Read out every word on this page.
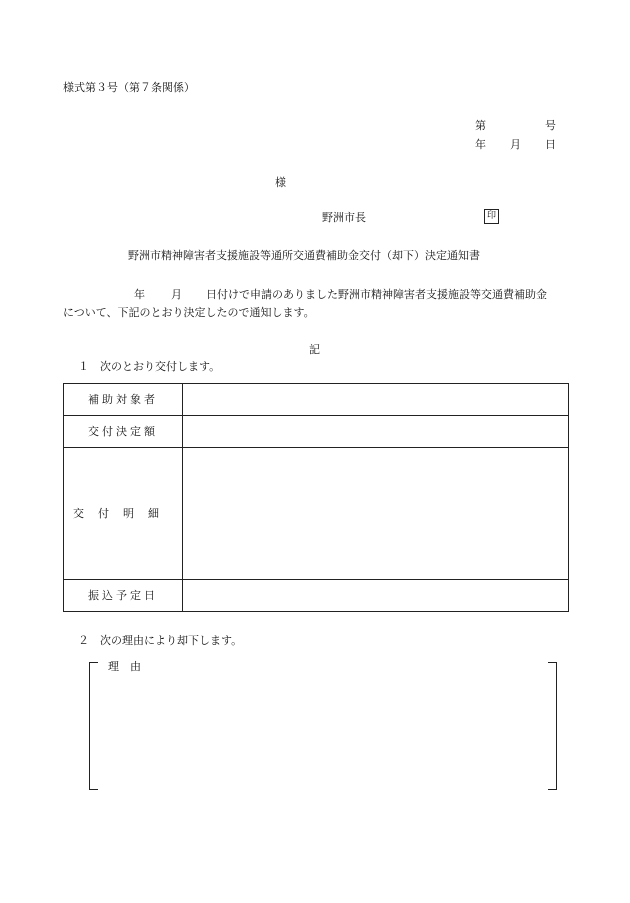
様式第３号（第７条関係）
第	号
年 月 日
様
野洲市長	印
野洲市精神障害者支援施設等通所交通費補助金交付（却下）決定通知書
年 月 日付けで申請のありました野洲市精神障害者支援施設等交通費補助金
について、下記のとおり決定したので通知します。
記
１　次のとおり交付します。
補助対象者	
交付決定額	
交付明細	
振込予定日	
２　次の理由により却下します。
理　由
